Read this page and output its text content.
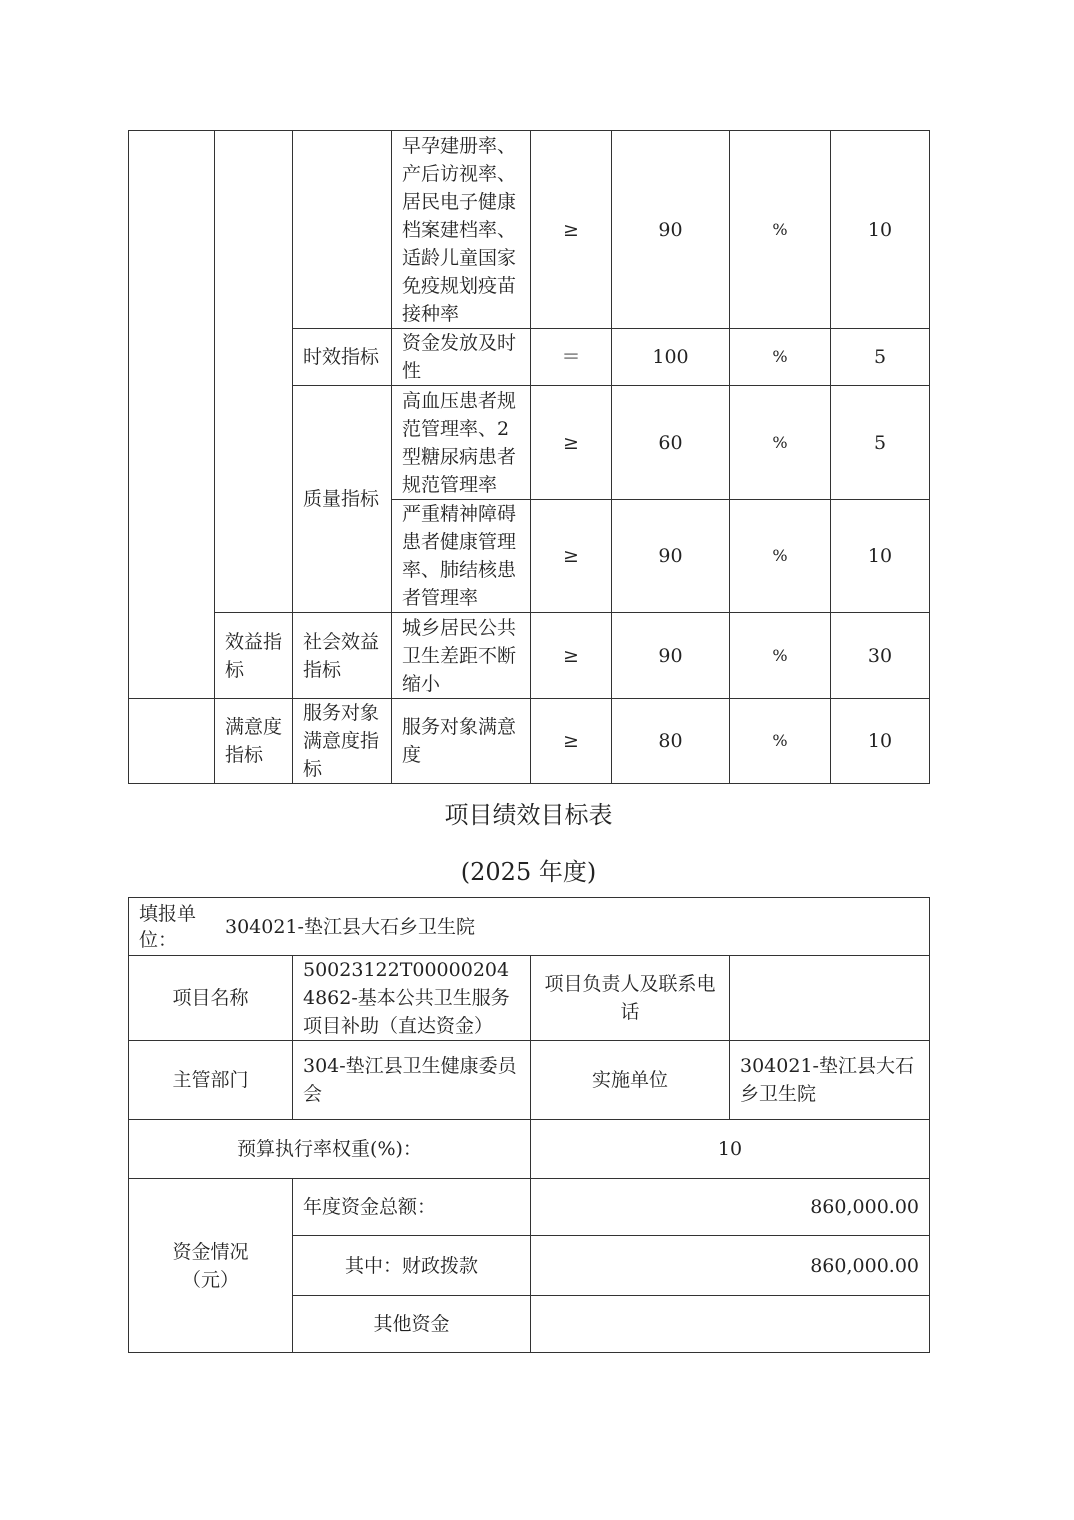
			早孕建册率、产后访视率、居民电子健康档案建档率、适龄儿童国家免疫规划疫苗接种率	≥	90	%	10
		时效指标	资金发放及时性	＝	100	%	5
		质量指标	高血压患者规范管理率、2型糖尿病患者规范管理率	≥	60	%	5
			严重精神障碍患者健康管理率、肺结核患者管理率	≥	90	%	10
	效益指标	社会效益指标	城乡居民公共卫生差距不断缩小	≥	90	%	30
	满意度指标	服务对象满意度指标	服务对象满意度	≥	80	%	10
项目绩效目标表
(2025 年度)
填报单位：
304021-垫江县大石乡卫生院			

项目名称	50023122T000002044862-基本公共卫生服务项目补助（直达资金）	项目负责人及联系电话	
主管部门	304-垫江县卫生健康委员会	实施单位	304021-垫江县大石乡卫生院
预算执行率权重(%)：		10	
资金情况（元）	年度资金总额：	860,000.00	
	其中：财政拨款	860,000.00	
	其他资金		
